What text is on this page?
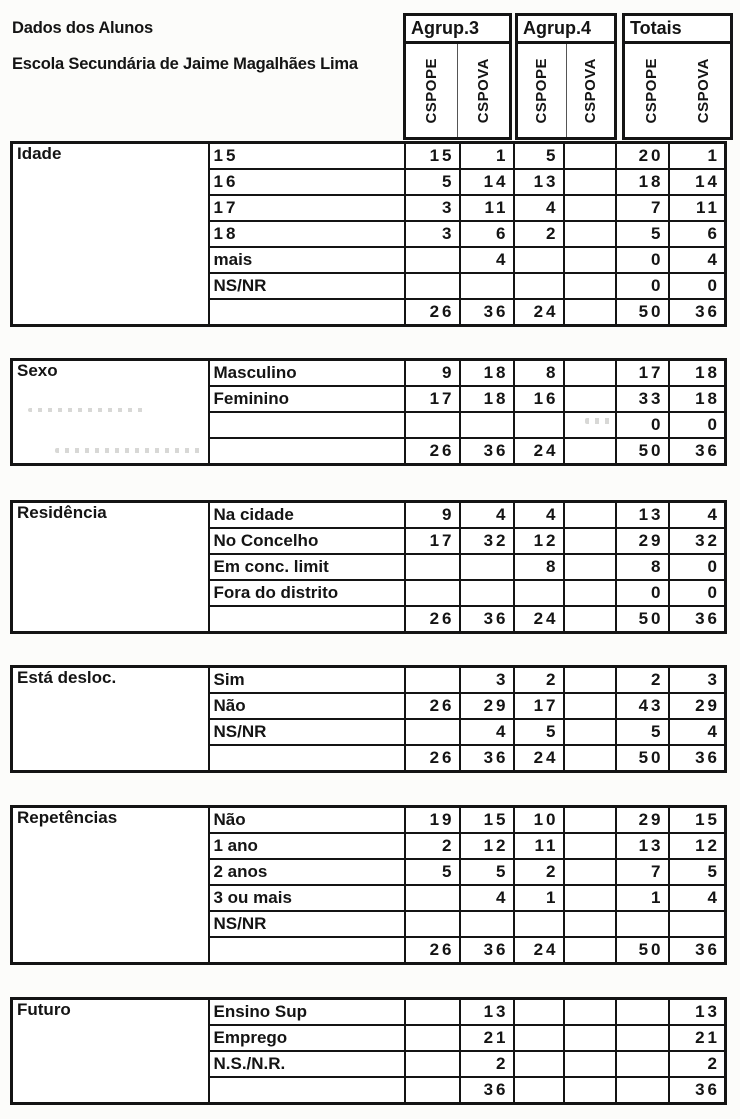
Dados dos Alunos
Escola Secundária de Jaime Magalhães Lima
Agrup.3
CSPOPE CSPOVA
Agrup.4
CSPOPE CSPOVA
Totais
CSPOPE CSPOVA
Idade	15	15	1	5		20	1
	16	5	14	13		18	14
	17	3	11	4		7	11
	18	3	6	2		5	6
	mais		4			0	4
	NS/NR					0	0
		26	36	24		50	36
Sexo	Masculino	9	18	8		17	18
	Feminino	17	18	16		33	18
						0	0
		26	36	24		50	36
Residência	Na cidade	9	4	4		13	4
	No Concelho	17	32	12		29	32
	Em conc. limit			8		8	0
	Fora do distrito					0	0
		26	36	24		50	36
Está desloc.	Sim		3	2		2	3
	Não	26	29	17		43	29
	NS/NR		4	5		5	4
		26	36	24		50	36
Repetências	Não	19	15	10		29	15
	1 ano	2	12	11		13	12
	2 anos	5	5	2		7	5
	3 ou mais		4	1		1	4
	NS/NR						
		26	36	24		50	36
Futuro	Ensino Sup		13				13
	Emprego		21				21
	N.S./N.R.		2				2
			36				36
